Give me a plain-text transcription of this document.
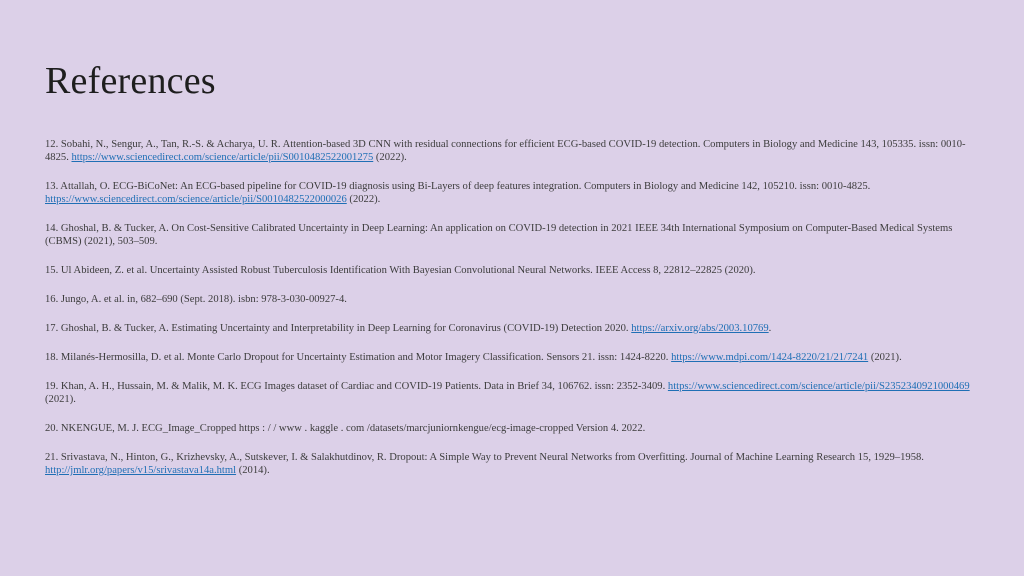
References
12. Sobahi, N., Sengur, A., Tan, R.-S. & Acharya, U. R. Attention-based 3D CNN with residual connections for efficient ECG-based COVID-19 detection. Computers in Biology and Medicine 143, 105335. issn: 0010-4825. https://www.sciencedirect.com/science/article/pii/S0010482522001275 (2022).
13. Attallah, O. ECG-BiCoNet: An ECG-based pipeline for COVID-19 diagnosis using Bi-Layers of deep features integration. Computers in Biology and Medicine 142, 105210. issn: 0010-4825. https://www.sciencedirect.com/science/article/pii/S0010482522000026 (2022).
14. Ghoshal, B. & Tucker, A. On Cost-Sensitive Calibrated Uncertainty in Deep Learning: An application on COVID-19 detection in 2021 IEEE 34th International Symposium on Computer-Based Medical Systems (CBMS) (2021), 503–509.
15. Ul Abideen, Z. et al. Uncertainty Assisted Robust Tuberculosis Identification With Bayesian Convolutional Neural Networks. IEEE Access 8, 22812–22825 (2020).
16. Jungo, A. et al. in, 682–690 (Sept. 2018). isbn: 978-3-030-00927-4.
17. Ghoshal, B. & Tucker, A. Estimating Uncertainty and Interpretability in Deep Learning for Coronavirus (COVID-19) Detection 2020. https://arxiv.org/abs/2003.10769.
18. Milanés-Hermosilla, D. et al. Monte Carlo Dropout for Uncertainty Estimation and Motor Imagery Classification. Sensors 21. issn: 1424-8220. https://www.mdpi.com/1424-8220/21/21/7241 (2021).
19. Khan, A. H., Hussain, M. & Malik, M. K. ECG Images dataset of Cardiac and COVID-19 Patients. Data in Brief 34, 106762. issn: 2352-3409. https://www.sciencedirect.com/science/article/pii/S2352340921000469 (2021).
20. NKENGUE, M. J. ECG_Image_Cropped https : / / www . kaggle . com /datasets/marcjuniornkengue/ecg-image-cropped Version 4. 2022.
21. Srivastava, N., Hinton, G., Krizhevsky, A., Sutskever, I. & Salakhutdinov, R. Dropout: A Simple Way to Prevent Neural Networks from Overfitting. Journal of Machine Learning Research 15, 1929–1958. http://jmlr.org/papers/v15/srivastava14a.html (2014).
